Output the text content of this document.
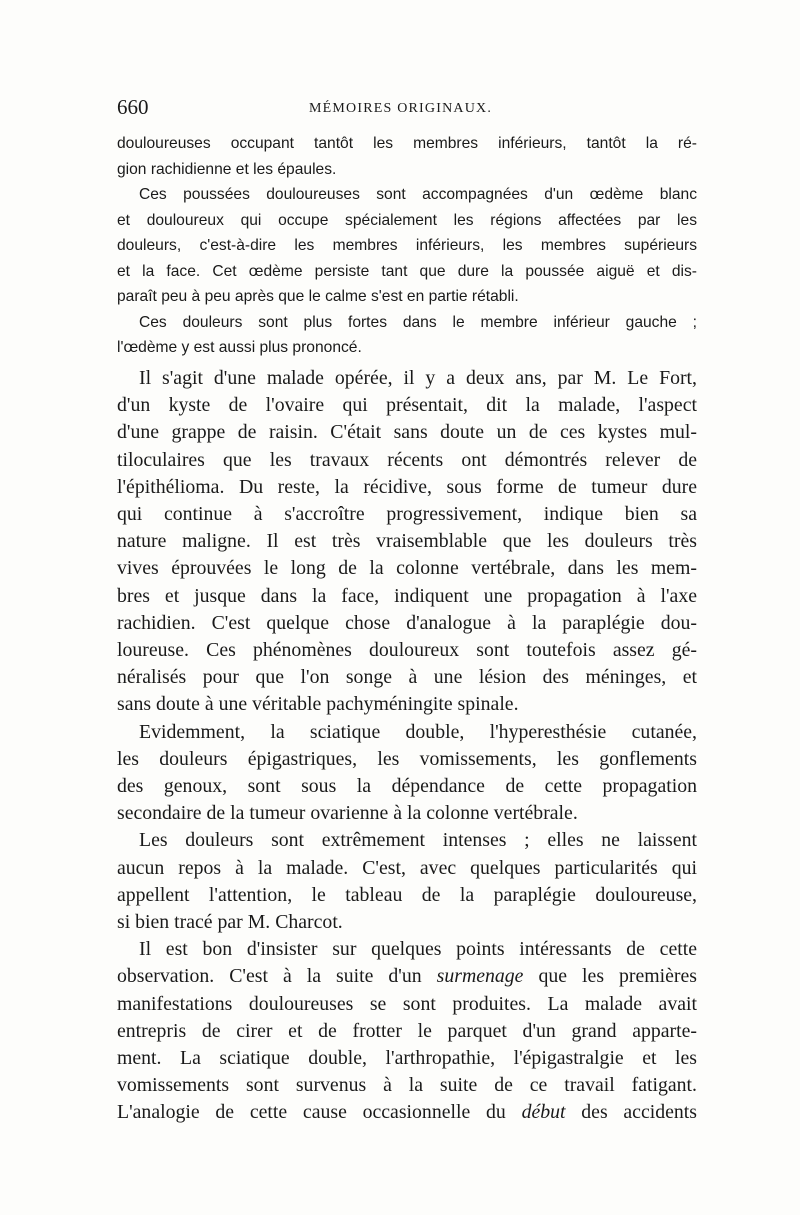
660	MÉMOIRES ORIGINAUX.

douloureuses occupant tantôt les membres inférieurs, tantôt la ré-
gion rachidienne et les épaules.

Ces poussées douloureuses sont accompagnées d'un œdème blanc
et douloureux qui occupe spécialement les régions affectées par les
douleurs, c'est-à-dire les membres inférieurs, les membres supérieurs
et la face. Cet œdème persiste tant que dure la poussée aiguë et dis-
paraît peu à peu après que le calme s'est en partie rétabli.

Ces douleurs sont plus fortes dans le membre inférieur gauche ;
l'œdème y est aussi plus prononcé.

Il s'agit d'une malade opérée, il y a deux ans, par M. Le Fort,
d'un kyste de l'ovaire qui présentait, dit la malade, l'aspect
d'une grappe de raisin. C'était sans doute un de ces kystes mul-
tiloculaires que les travaux récents ont démontrés relever de
l'épithélioma. Du reste, la récidive, sous forme de tumeur dure
qui continue à s'accroître progressivement, indique bien sa
nature maligne. Il est très vraisemblable que les douleurs très
vives éprouvées le long de la colonne vertébrale, dans les mem-
bres et jusque dans la face, indiquent une propagation à l'axe
rachidien. C'est quelque chose d'analogue à la paraplégie dou-
loureuse. Ces phénomènes douloureux sont toutefois assez gé-
néralisés pour que l'on songe à une lésion des méninges, et
sans doute à une véritable pachyméningite spinale.

Evidemment, la sciatique double, l'hyperesthésie cutanée,
les douleurs épigastriques, les vomissements, les gonflements
des genoux, sont sous la dépendance de cette propagation
secondaire de la tumeur ovarienne à la colonne vertébrale.

Les douleurs sont extrêmement intenses ; elles ne laissent
aucun repos à la malade. C'est, avec quelques particularités qui
appellent l'attention, le tableau de la paraplégie douloureuse,
si bien tracé par M. Charcot.

Il est bon d'insister sur quelques points intéressants de cette
observation. C'est à la suite d'un surmenage que les premières
manifestations douloureuses se sont produites. La malade avait
entrepris de cirer et de frotter le parquet d'un grand apparte-
ment. La sciatique double, l'arthropathie, l'épigastralgie et les
vomissements sont survenus à la suite de ce travail fatigant.
L'analogie de cette cause occasionnelle du début des accidents
